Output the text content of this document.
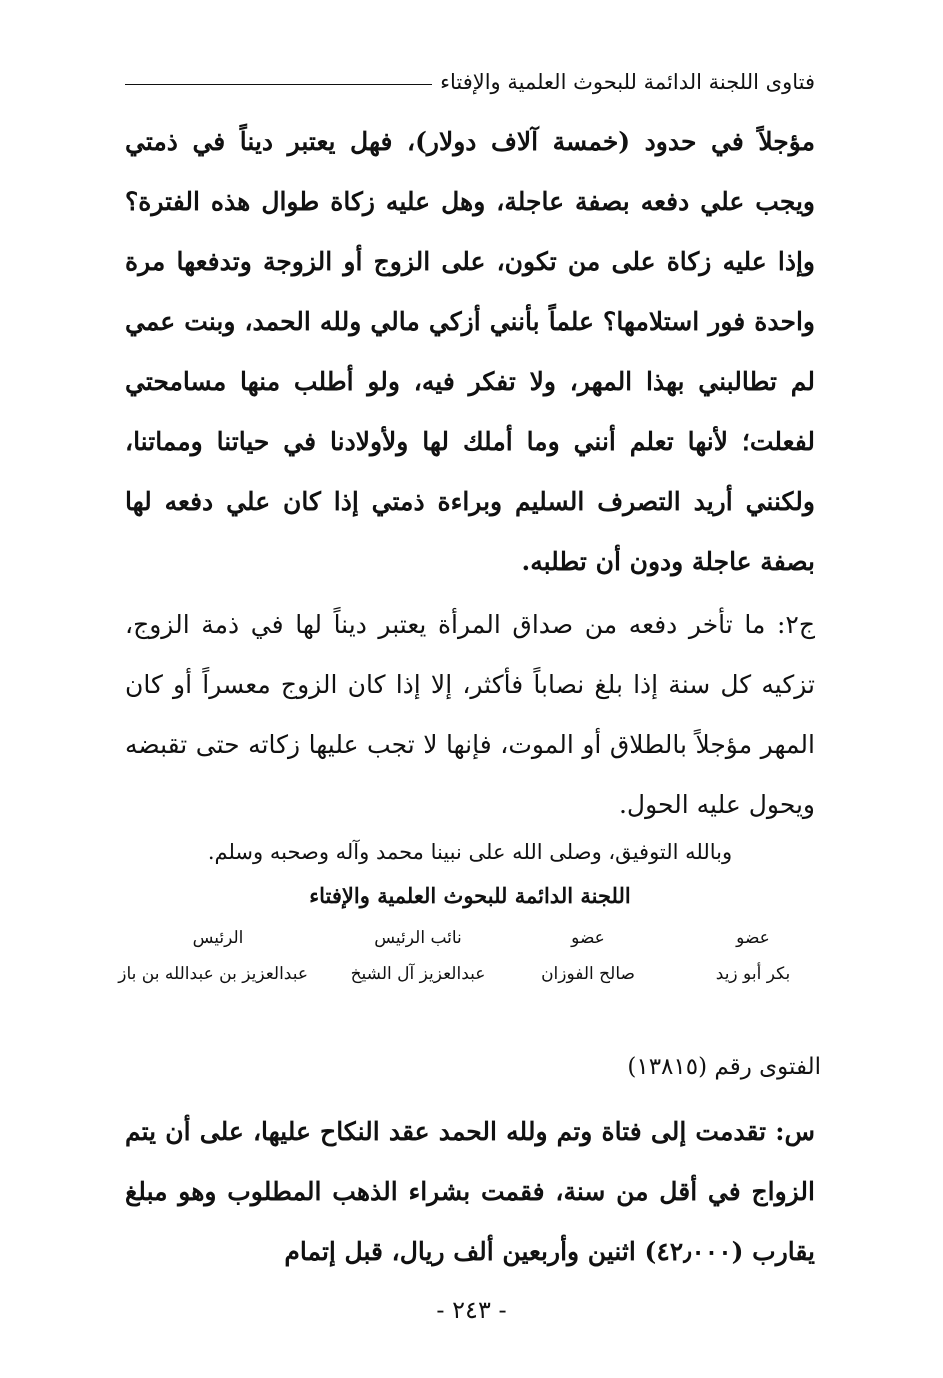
فتاوى اللجنة الدائمة للبحوث العلمية والإفتاء

مؤجلاً في حدود (خمسة آلاف دولار)، فهل يعتبر ديناً في ذمتي ويجب علي دفعه بصفة عاجلة، وهل عليه زكاة طوال هذه الفترة؟ وإذا عليه زكاة على من تكون، على الزوج أو الزوجة وتدفعها مرة واحدة فور استلامها؟ علماً بأنني أزكي مالي ولله الحمد، وبنت عمي لم تطالبني بهذا المهر، ولا تفكر فيه، ولو أطلب منها مسامحتي لفعلت؛ لأنها تعلم أنني وما أملك لها ولأولادنا في حياتنا ومماتنا، ولكنني أريد التصرف السليم وبراءة ذمتي إذا كان علي دفعه لها بصفة عاجلة ودون أن تطلبه.

ج٢: ما تأخر دفعه من صداق المرأة يعتبر ديناً لها في ذمة الزوج، تزكيه كل سنة إذا بلغ نصاباً فأكثر، إلا إذا كان الزوج معسراً أو كان المهر مؤجلاً بالطلاق أو الموت، فإنها لا تجب عليها زكاته حتى تقبضه ويحول عليه الحول.

وبالله التوفيق، وصلى الله على نبينا محمد وآله وصحبه وسلم.
اللجنة الدائمة للبحوث العلمية والإفتاء
عضو
بكر أبو زيد
عضو
صالح الفوزان
نائب الرئيس
عبدالعزيز آل الشيخ
الرئيس
عبدالعزيز بن عبدالله بن باز
الفتوى رقم (١٣٨١٥)

س: تقدمت إلى فتاة وتم ولله الحمد عقد النكاح عليها، على أن يتم الزواج في أقل من سنة، فقمت بشراء الذهب المطلوب وهو مبلغ يقارب (٤٢٫٠٠٠) اثنين وأربعين ألف ريال، قبل إتمام

- ٢٤٣ -
